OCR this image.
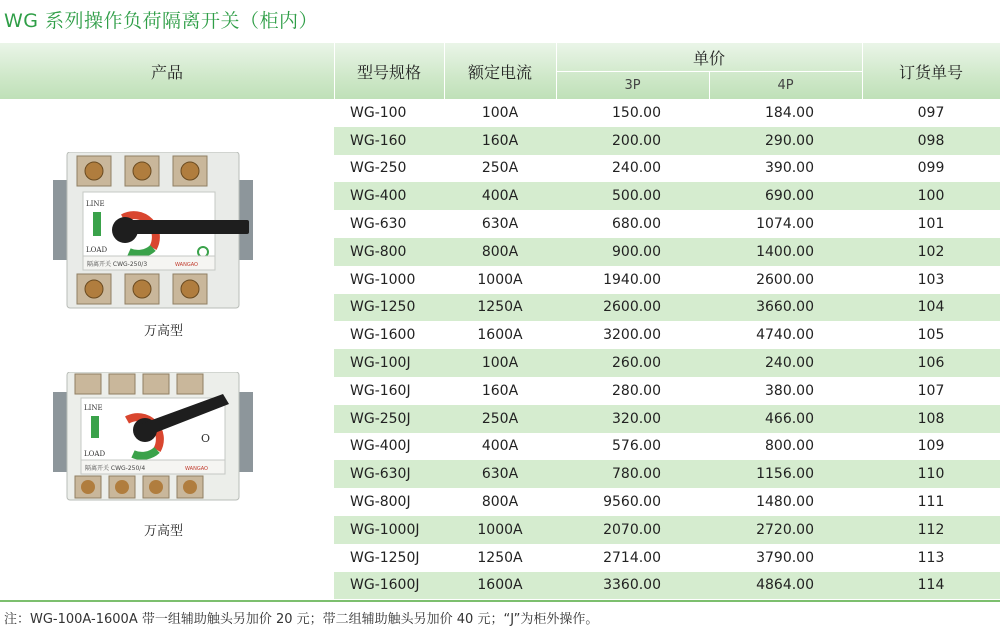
WG 系列操作负荷隔离开关（柜内）
产品	型号规格	额定电流
单价
3P	4P
订货单号
LINE
LOAD
隔离开关 CWG-250/3	WANGAO
万高型
LINE
LOAD
O
隔离开关 CWG-250/4	WANGAO
万高型
WG-100	100A	150.00	184.00	097
WG-160	160A	200.00	290.00	098
WG-250	250A	240.00	390.00	099
WG-400	400A	500.00	690.00	100
WG-630	630A	680.00	1074.00	101
WG-800	800A	900.00	1400.00	102
WG-1000	1000A	1940.00	2600.00	103
WG-1250	1250A	2600.00	3660.00	104
WG-1600	1600A	3200.00	4740.00	105
WG-100J	100A	260.00	240.00	106
WG-160J	160A	280.00	380.00	107
WG-250J	250A	320.00	466.00	108
WG-400J	400A	576.00	800.00	109
WG-630J	630A	780.00	1156.00	110
WG-800J	800A	9560.00	1480.00	111
WG-1000J	1000A	2070.00	2720.00	112
WG-1250J	1250A	2714.00	3790.00	113
WG-1600J	1600A	3360.00	4864.00	114
注：WG-100A-1600A 带一组辅助触头另加价 20 元；带二组辅助触头另加价 40 元；“J”为柜外操作。
